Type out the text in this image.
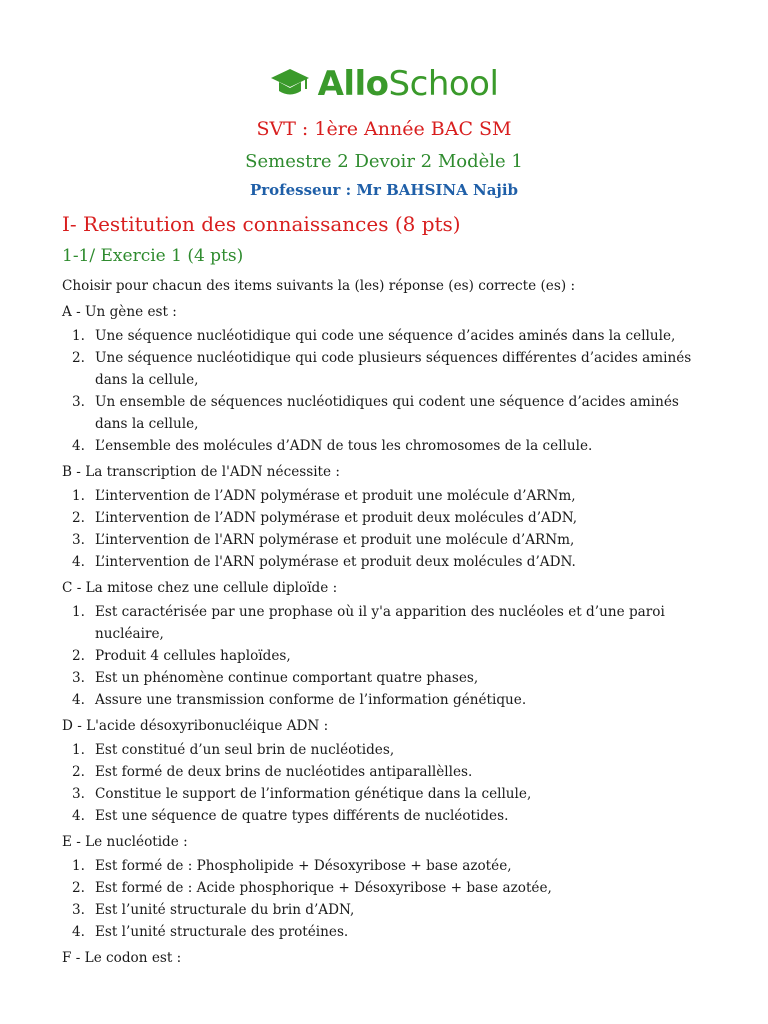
AlloSchool
SVT : 1ère Année BAC SM
Semestre 2 Devoir 2 Modèle 1
Professeur : Mr BAHSINA Najib
I- Restitution des connaissances (8 pts)
1-1/ Exercie 1 (4 pts)

Choisir pour chacun des items suivants la (les) réponse (es) correcte (es) :

A - Un gène est :

1. Une séquence nucléotidique qui code une séquence d’acides aminés dans la cellule,
2. Une séquence nucléotidique qui code plusieurs séquences différentes d’acides aminés dans la cellule,
3. Un ensemble de séquences nucléotidiques qui codent une séquence d’acides aminés dans la cellule,
4. L’ensemble des molécules d’ADN de tous les chromosomes de la cellule.

B - La transcription de l'ADN nécessite :

1. L’intervention de l’ADN polymérase et produit une molécule d’ARNm,
2. L’intervention de l’ADN polymérase et produit deux molécules d’ADN,
3. L’intervention de l'ARN polymérase et produit une molécule d’ARNm,
4. L’intervention de l'ARN polymérase et produit deux molécules d’ADN.

C - La mitose chez une cellule diploïde :

1. Est caractérisée par une prophase où il y'a apparition des nucléoles et d’une paroi nucléaire,
2. Produit 4 cellules haploïdes,
3. Est un phénomène continue comportant quatre phases,
4. Assure une transmission conforme de l’information génétique.

D - L'acide désoxyribonucléique ADN :

1. Est constitué d’un seul brin de nucléotides,
2. Est formé de deux brins de nucléotides antiparallèlles.
3. Constitue le support de l’information génétique dans la cellule,
4. Est une séquence de quatre types différents de nucléotides.

E - Le nucléotide :

1. Est formé de : Phospholipide + Désoxyribose + base azotée,
2. Est formé de : Acide phosphorique + Désoxyribose + base azotée,
3. Est l’unité structurale du brin d’ADN,
4. Est l’unité structurale des protéines.

F - Le codon est :
